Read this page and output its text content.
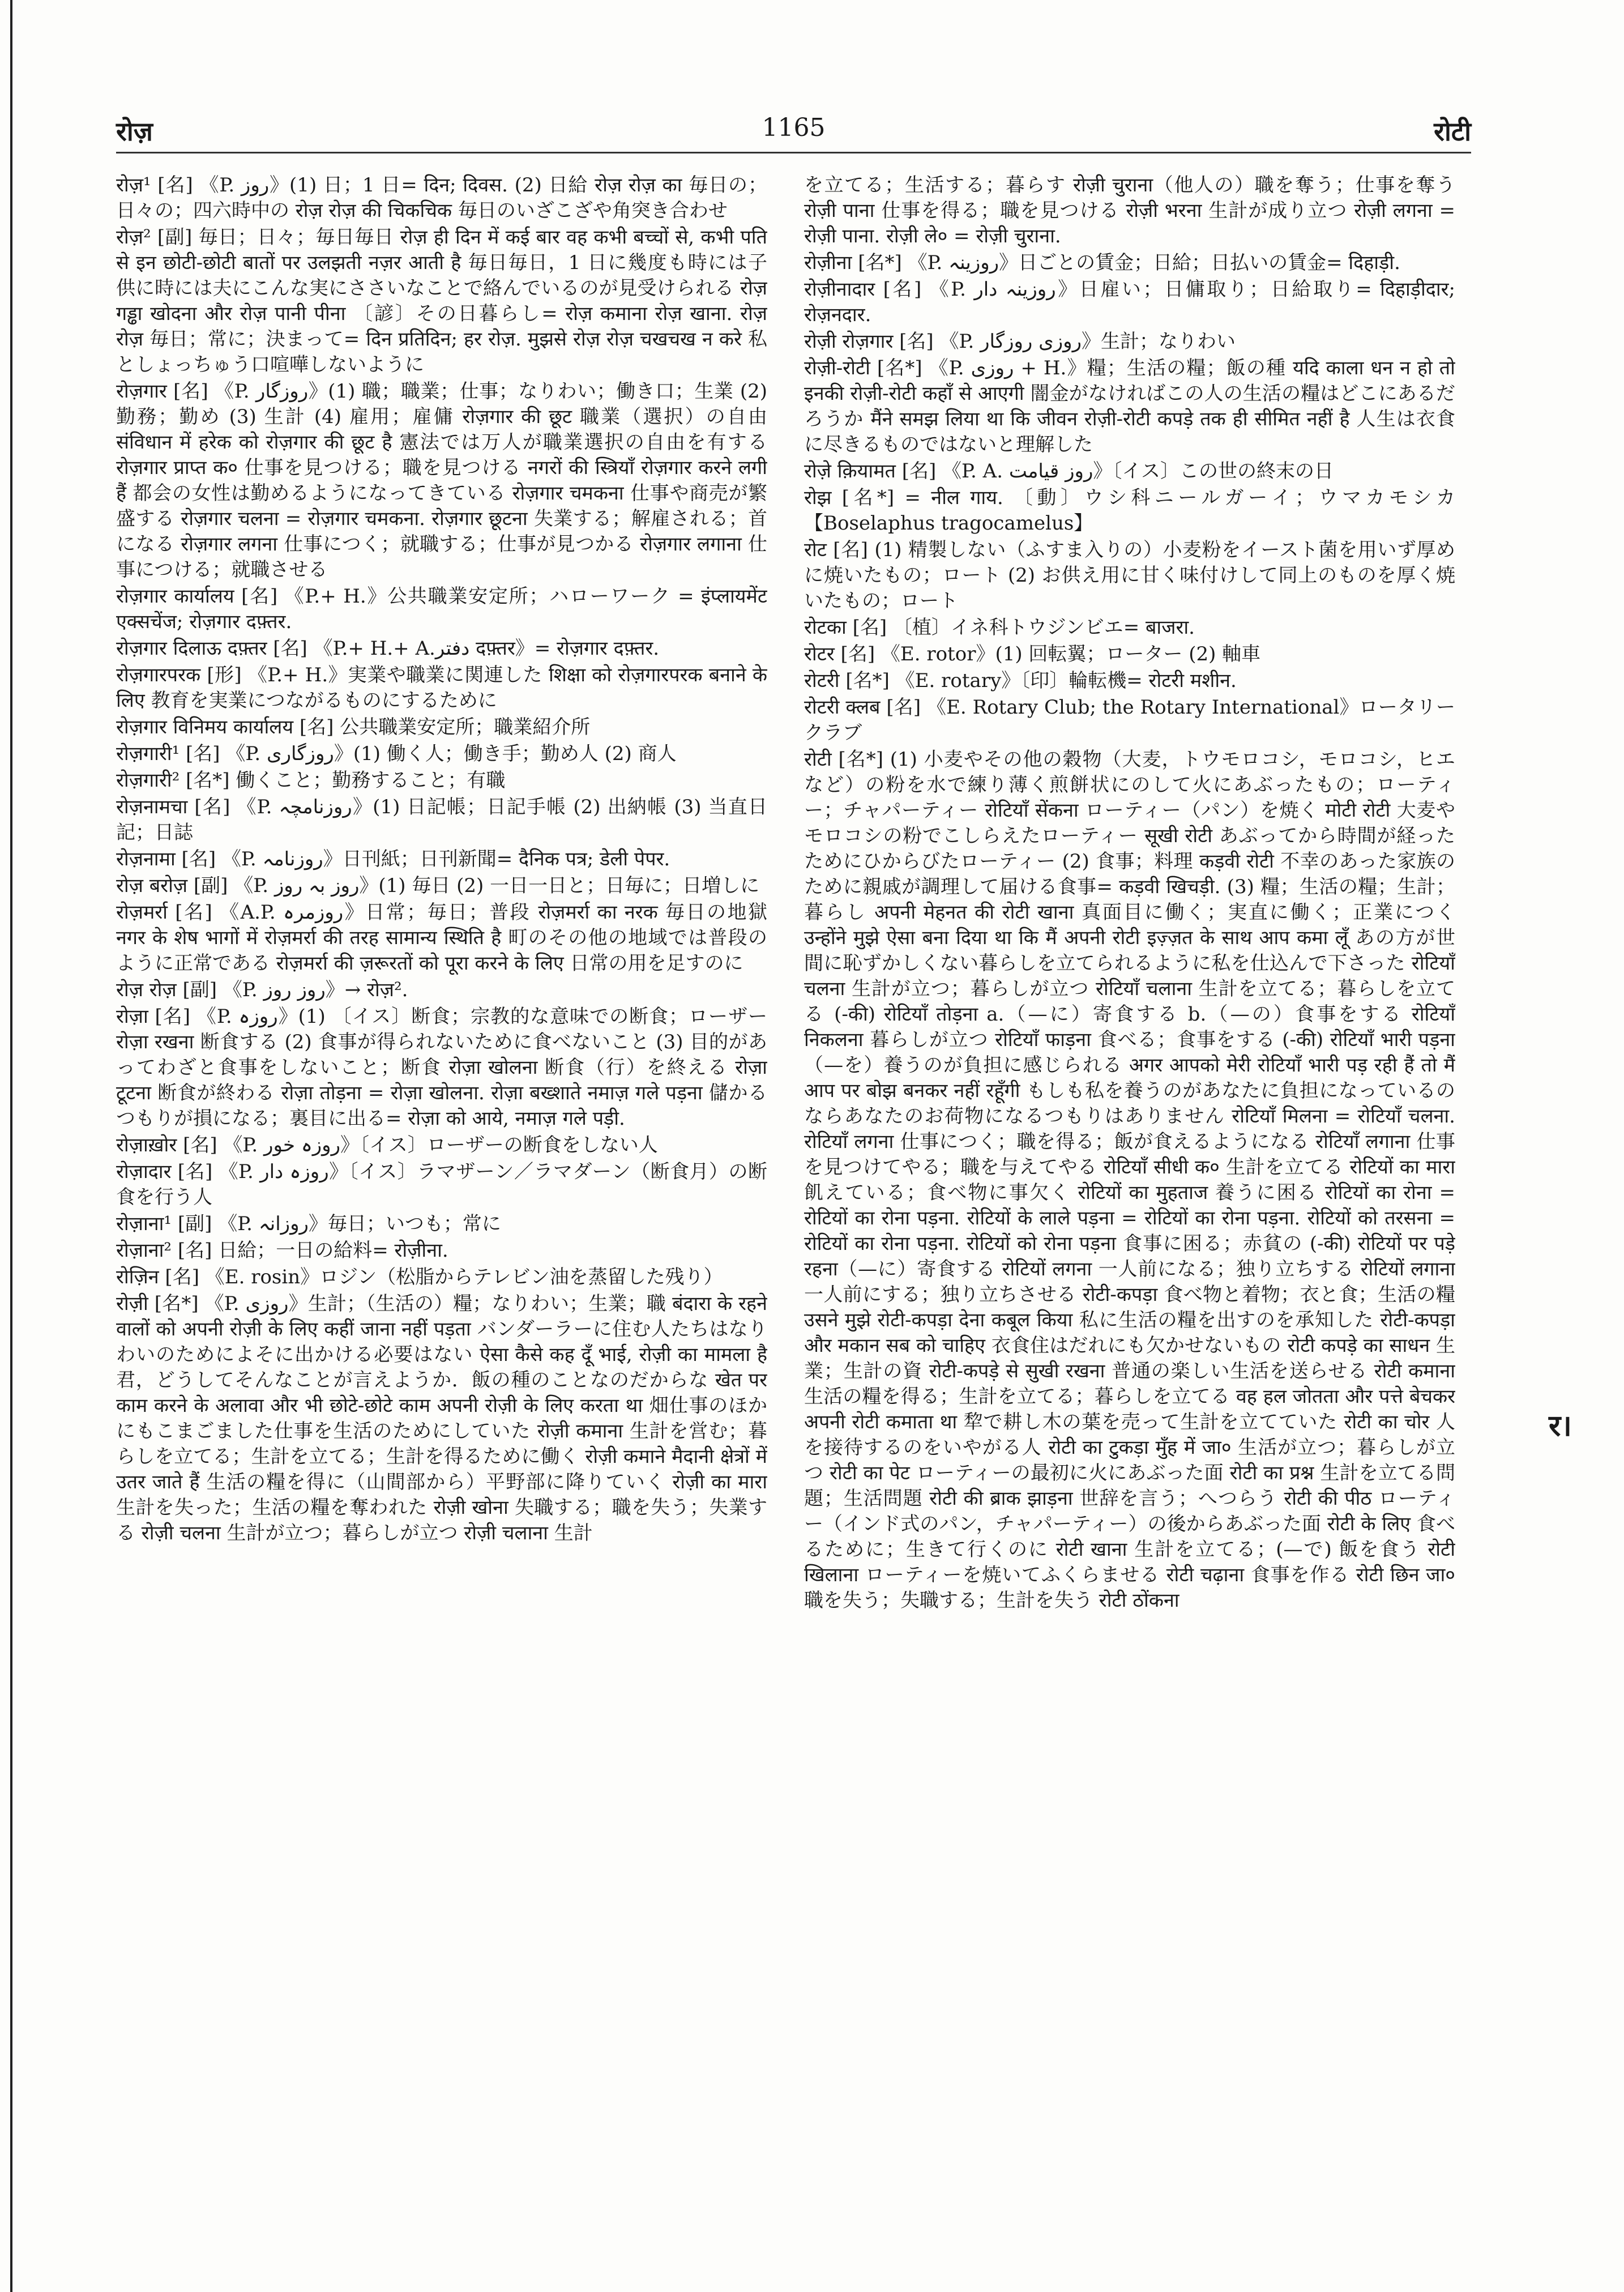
रोज़	1165	रोटी

रोज़¹ [名] 《P. روز》(1) 日；1 日= दिन; दिवस. (2) 日給 रोज़ रोज़ का 毎日の；日々の；四六時中の रोज़ रोज़ की चिकचिक 毎日のいざこざや角突き合わせ

रोज़² [副] 毎日；日々；毎日毎日 रोज़ ही दिन में कई बार वह कभी बच्चों से, कभी पति से इन छोटी-छोटी बातों पर उलझती नज़र आती है 毎日毎日，1 日に幾度も時には子供に時には夫にこんな実にささいなことで絡んでいるのが見受けられる रोज़ गड्ढा खोदना और रोज़ पानी पीना 〔諺〕その日暮らし= रोज़ कमाना रोज़ खाना. रोज़ रोज़ 毎日；常に；決まって= दिन प्रतिदिन; हर रोज़. मुझसे रोज़ रोज़ चखचख न करे 私としょっちゅう口喧嘩しないように

रोज़गार [名] 《P. روزگار》(1) 職；職業；仕事；なりわい；働き口；生業 (2) 勤務；勤め (3) 生計 (4) 雇用；雇傭 रोज़गार की छूट 職業（選択）の自由 संविधान में हरेक को रोज़गार की छूट है 憲法では万人が職業選択の自由を有する रोज़गार प्राप्त क० 仕事を見つける；職を見つける नगरों की स्त्रियाँ रोज़गार करने लगी हैं 都会の女性は勤めるようになってきている रोज़गार चमकना 仕事や商売が繁盛する रोज़गार चलना = रोज़गार चमकना. रोज़गार छूटना 失業する；解雇される；首になる रोज़गार लगना 仕事につく；就職する；仕事が見つかる रोज़गार लगाना 仕事につける；就職させる

रोज़गार कार्यालय [名] 《P.+ H.》公共職業安定所；ハローワーク = इंप्लायमेंट एक्सचेंज; रोज़गार दफ़्तर.

रोज़गार दिलाऊ दफ़्तर [名] 《P.+ H.+ A.دفتر दफ़्तर》= रोज़गार दफ़्तर.

रोज़गारपरक [形] 《P.+ H.》実業や職業に関連した शिक्षा को रोज़गारपरक बनाने के लिए 教育を実業につながるものにするために

रोज़गार विनिमय कार्यालय [名] 公共職業安定所；職業紹介所

रोज़गारी¹ [名] 《P. روزگاری》(1) 働く人；働き手；勤め人 (2) 商人

रोज़गारी² [名*] 働くこと；勤務すること；有職

रोज़नामचा [名] 《P. روزنامچہ》(1) 日記帳；日記手帳 (2) 出納帳 (3) 当直日記；日誌

रोज़नामा [名] 《P. روزنامہ》日刊紙；日刊新聞= दैनिक पत्र; डेली पेपर.

रोज़ बरोज़ [副] 《P. روز بہ روز》(1) 毎日 (2) 一日一日と；日毎に；日増しに

रोज़मर्रा [名] 《A.P. روزمرہ》日常；毎日；普段 रोज़मर्रा का नरक 毎日の地獄 नगर के शेष भागों में रोज़मर्रा की तरह सामान्य स्थिति है 町のその他の地域では普段のように正常である रोज़मर्रा की ज़रूरतों को पूरा करने के लिए 日常の用を足すのに

रोज़ रोज़ [副] 《P. روز روز》→ रोज़².

रोज़ा [名] 《P. روزہ》(1) 〔イス〕断食；宗教的な意味での断食；ローザー रोज़ा रखना 断食する (2) 食事が得られないために食べないこと (3) 目的があってわざと食事をしないこと；断食 रोज़ा खोलना 断食（行）を終える रोज़ा टूटना 断食が終わる रोज़ा तोड़ना = रोज़ा खोलना. रोज़ा बख्शाते नमाज़ गले पड़ना 儲かるつもりが損になる；裏目に出る= रोज़ा को आये, नमाज़ गले पड़ी.

रोज़ाख़ोर [名] 《P. روزہ خور》〔イス〕ローザーの断食をしない人

रोज़ादार [名] 《P. روزہ دار》〔イス〕ラマザーン／ラマダーン（断食月）の断食を行う人

रोज़ाना¹ [副] 《P. روزانہ》毎日；いつも；常に

रोज़ाना² [名] 日給；一日の給料= रोज़ीना.

रोज़िन [名] 《E. rosin》ロジン（松脂からテレビン油を蒸留した残り）

रोज़ी [名*] 《P. روزی》生計；（生活の）糧；なりわい；生業；職 बंदारा के रहने वालों को अपनी रोज़ी के लिए कहीं जाना नहीं पड़ता バンダーラーに住む人たちはなりわいのためによそに出かける必要はない ऐसा कैसे कह दूँ भाई, रोज़ी का मामला है 君，どうしてそんなことが言えようか．飯の種のことなのだからな खेत पर काम करने के अलावा और भी छोटे-छोटे काम अपनी रोज़ी के लिए करता था 畑仕事のほかにもこまごました仕事を生活のためにしていた रोज़ी कमाना 生計を営む；暮らしを立てる；生計を立てる；生計を得るために働く रोज़ी कमाने मैदानी क्षेत्रों में उतर जाते हैं 生活の糧を得に（山間部から）平野部に降りていく रोज़ी का मारा 生計を失った；生活の糧を奪われた रोज़ी खोना 失職する；職を失う；失業する रोज़ी चलना 生計が立つ；暮らしが立つ रोज़ी चलाना 生計

を立てる；生活する；暮らす रोज़ी चुराना（他人の）職を奪う；仕事を奪う रोज़ी पाना 仕事を得る；職を見つける रोज़ी भरना 生計が成り立つ रोज़ी लगना = रोज़ी पाना. रोज़ी ले० = रोज़ी चुराना.

रोज़ीना [名*] 《P. روزینہ》日ごとの賃金；日給；日払いの賃金= दिहाड़ी.

रोज़ीनादार [名] 《P. روزینہ دار》日雇い；日傭取り；日給取り= दिहाड़ीदार; रोज़नदार.

रोज़ी रोज़गार [名] 《P. روزی روزگار》生計；なりわい

रोज़ी-रोटी [名*] 《P. روزی + H.》糧；生活の糧；飯の種 यदि काला धन न हो तो इनकी रोज़ी-रोटी कहाँ से आएगी 闇金がなければこの人の生活の糧はどこにあるだろうか मैंने समझ लिया था कि जीवन रोज़ी-रोटी कपड़े तक ही सीमित नहीं है 人生は衣食に尽きるものではないと理解した

रोज़े क़ियामत [名] 《P. A. روز قیامت》〔イス〕この世の終末の日

रोझ [名*] = नील गाय. 〔動〕ウシ科ニールガーイ；ウマカモシカ【Boselaphus tragocamelus】

रोट [名] (1) 精製しない（ふすま入りの）小麦粉をイースト菌を用いず厚めに焼いたもの；ロート (2) お供え用に甘く味付けして同上のものを厚く焼いたもの；ロート

रोटका [名] 〔植〕イネ科トウジンビエ= बाजरा.

रोटर [名] 《E. rotor》(1) 回転翼；ローター (2) 軸車

रोटरी [名*] 《E. rotary》〔印〕輪転機= रोटरी मशीन.

रोटरी क्लब [名] 《E. Rotary Club; the Rotary International》ロータリークラブ

रोटी [名*] (1) 小麦やその他の穀物（大麦，トウモロコシ，モロコシ，ヒエなど）の粉を水で練り薄く煎餅状にのして火にあぶったもの；ローティー；チャパーティー रोटियाँ सेंकना ローティー（パン）を焼く मोटी रोटी 大麦やモロコシの粉でこしらえたローティー सूखी रोटी あぶってから時間が経ったためにひからびたローティー (2) 食事；料理 कड़वी रोटी 不幸のあった家族のために親戚が調理して届ける食事= कड़वी खिचड़ी. (3) 糧；生活の糧；生計；暮らし अपनी मेहनत की रोटी खाना 真面目に働く；実直に働く；正業につく उन्होंने मुझे ऐसा बना दिया था कि मैं अपनी रोटी इज़्ज़त के साथ आप कमा लूँ あの方が世間に恥ずかしくない暮らしを立てられるように私を仕込んで下さった रोटियाँ चलना 生計が立つ；暮らしが立つ रोटियाँ चलाना 生計を立てる；暮らしを立てる (-की) रोटियाँ तोड़ना a.（—に）寄食する b.（—の）食事をする रोटियाँ निकलना 暮らしが立つ रोटियाँ फाड़ना 食べる；食事をする (-की) रोटियाँ भारी पड़ना（—を）養うのが負担に感じられる अगर आपको मेरी रोटियाँ भारी पड़ रही हैं तो मैं आप पर बोझ बनकर नहीं रहूँगी もしも私を養うのがあなたに負担になっているのならあなたのお荷物になるつもりはありません रोटियाँ मिलना = रोटियाँ चलना. रोटियाँ लगना 仕事につく；職を得る；飯が食えるようになる रोटियाँ लगाना 仕事を見つけてやる；職を与えてやる रोटियाँ सीधी क० 生計を立てる रोटियों का मारा 飢えている；食べ物に事欠く रोटियों का मुहताज 養うに困る रोटियों का रोना = रोटियों का रोना पड़ना. रोटियों के लाले पड़ना = रोटियों का रोना पड़ना. रोटियों को तरसना = रोटियों का रोना पड़ना. रोटियों को रोना पड़ना 食事に困る；赤貧の (-की) रोटियों पर पड़े रहना（—に）寄食する रोटियों लगना 一人前になる；独り立ちする रोटियों लगाना 一人前にする；独り立ちさせる रोटी-कपड़ा 食べ物と着物；衣と食；生活の糧 उसने मुझे रोटी-कपड़ा देना कबूल किया 私に生活の糧を出すのを承知した रोटी-कपड़ा और मकान सब को चाहिए 衣食住はだれにも欠かせないもの रोटी कपड़े का साधन 生業；生計の資 रोटी-कपड़े से सुखी रखना 普通の楽しい生活を送らせる रोटी कमाना 生活の糧を得る；生計を立てる；暮らしを立てる वह हल जोतता और पत्ते बेचकर अपनी रोटी कमाता था 犂で耕し木の葉を売って生計を立てていた रोटी का चोर 人を接待するのをいやがる人 रोटी का टुकड़ा मुँह में जा० 生活が立つ；暮らしが立つ रोटी का पेट ローティーの最初に火にあぶった面 रोटी का प्रश्न 生計を立てる問題；生活問題 रोटी की ब्राक झाड़ना 世辞を言う；へつらう रोटी की पीठ ローティー（インド式のパン，チャパーティー）の後からあぶった面 रोटी के लिए 食べるために；生きて行くのに रोटी खाना 生計を立てる；(—で) 飯を食う रोटी खिलाना ローティーを焼いてふくらませる रोटी चढ़ाना 食事を作る रोटी छिन जा० 職を失う；失職する；生計を失う रोटी ठोंकना

र।
